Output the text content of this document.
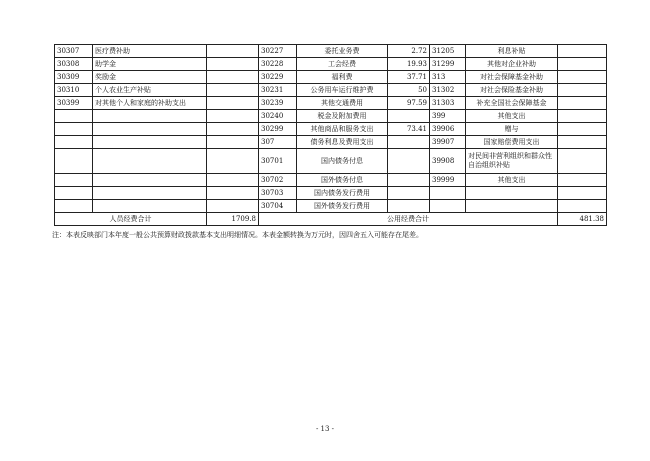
30307	医疗费补助		30227	委托业务费	2.72	31205	利息补贴	
30308	助学金		30228	工会经费	19.93	31299	其他对企业补助	
30309	奖励金		30229	福利费	37.71	313	对社会保障基金补助	
30310	个人农业生产补贴		30231	公务用车运行维护费	50	31302	对社会保险基金补助	
30399	对其他个人和家庭的补助支出		30239	其他交通费用	97.59	31303	补充全国社会保障基金	
			30240	税金及附加费用		399	其他支出	
			30299	其他商品和服务支出	73.41	39906	赠与	
			307	债务利息及费用支出		39907	国家赔偿费用支出	
			30701	国内债务付息		39908	对民间非营利组织和群众性自治组织补贴	
			30702	国外债务付息		39999	其他支出	
			30703	国内债务发行费用				
			30704	国外债务发行费用				
人员经费合计		1709.8	公用经费合计					481.38
注：本表反映部门本年度一般公共预算财政拨款基本支出明细情况。本表金额转换为万元时，因四舍五入可能存在尾差。
- 13 -
